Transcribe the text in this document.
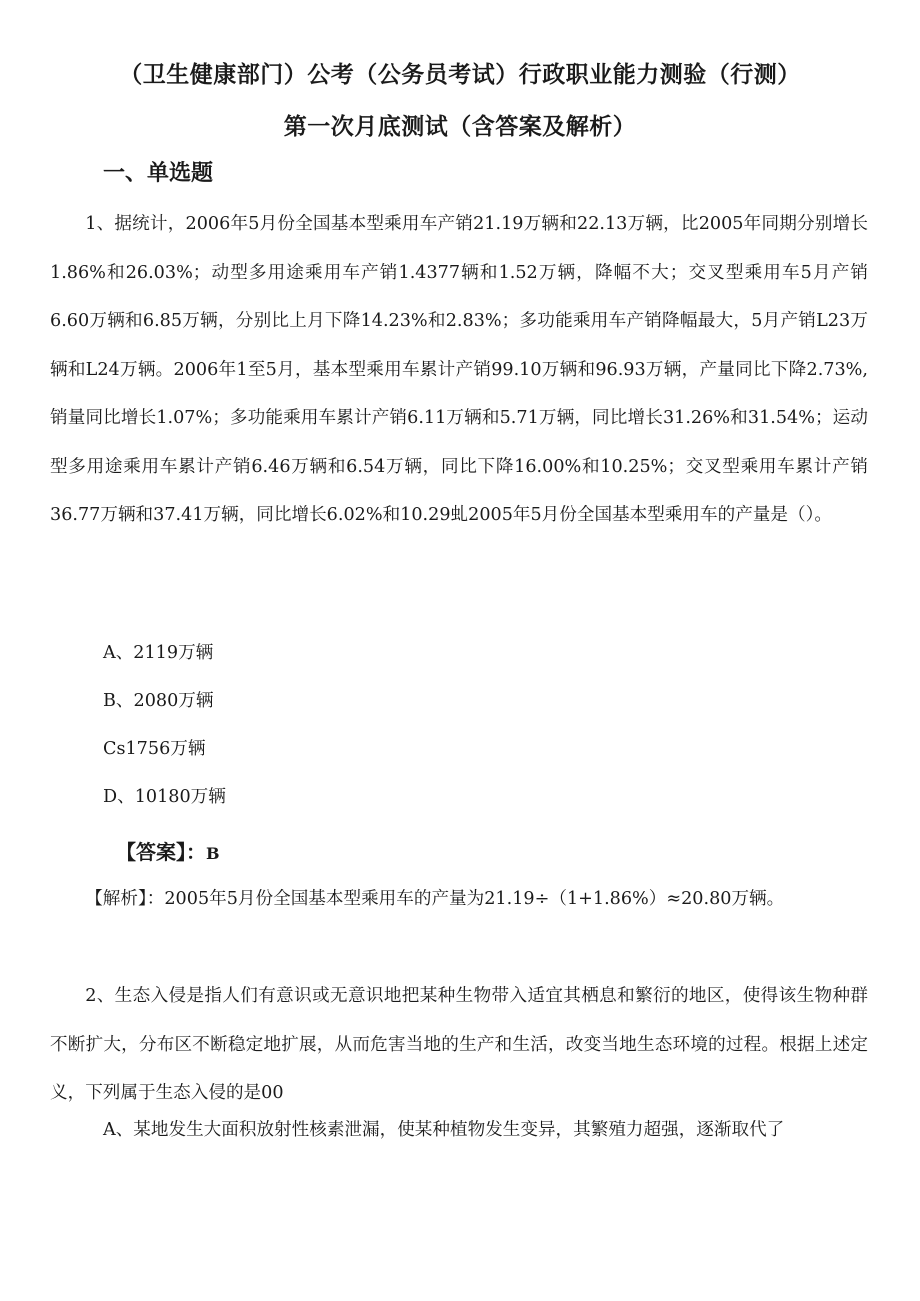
（卫生健康部门）公考（公务员考试）行政职业能力测验（行测）
第一次月底测试（含答案及解析）
一、单选题

1、据统计，2006年5月份全国基本型乘用车产销21.19万辆和22.13万辆，比2005年同期分别增长1.86%和26.03%；动型多用途乘用车产销1.4377辆和1.52万辆，降幅不大；交叉型乘用车5月产销6.60万辆和6.85万辆，分别比上月下降14.23%和2.83%；多功能乘用车产销降幅最大，5月产销L23万辆和L24万辆。2006年1至5月，基本型乘用车累计产销99.10万辆和96.93万辆，产量同比下降2.73%,销量同比增长1.07%；多功能乘用车累计产销6.11万辆和5.71万辆，同比增长31.26%和31.54%；运动型多用途乘用车累计产销6.46万辆和6.54万辆，同比下降16.00%和10.25%；交叉型乘用车累计产销36.77万辆和37.41万辆，同比增长6.02%和10.29虬2005年5月份全国基本型乘用车的产量是（）。

A、2119万辆

B、2080万辆

Cs1756万辆

D、10180万辆

【答案】：B

【解析】：2005年5月份全国基本型乘用车的产量为21.19÷（1+1.86%）≈20.80万辆。

2、生态入侵是指人们有意识或无意识地把某种生物带入适宜其栖息和繁衍的地区，使得该生物种群不断扩大，分布区不断稳定地扩展，从而危害当地的生产和生活，改变当地生态环境的过程。根据上述定义，下列属于生态入侵的是00

A、某地发生大面积放射性核素泄漏，使某种植物发生变异，其繁殖力超强，逐渐取代了
